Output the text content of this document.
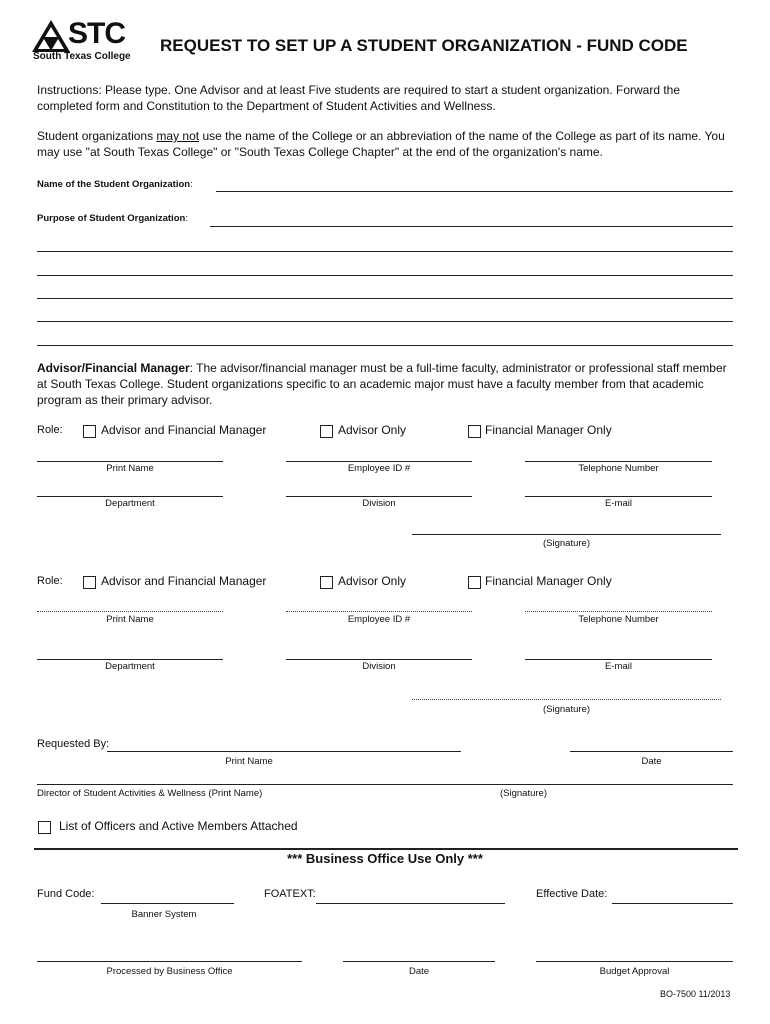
STC
South Texas College
REQUEST TO SET UP A STUDENT ORGANIZATION - FUND CODE
Instructions: Please type. One Advisor and at least Five students are required to start a student organization. Forward the completed form and Constitution to the Department of Student Activities and Wellness.
Student organizations may not use the name of the College or an abbreviation of the name of the College as part of its name. You may use "at South Texas College" or "South Texas College Chapter" at the end of the organization's name.
Name of the Student Organization:
Purpose of Student Organization:
Advisor/Financial Manager: The advisor/financial manager must be a full-time faculty, administrator or professional staff member at South Texas College. Student organizations specific to an academic major must have a faculty member from that academic program as their primary advisor.
Role:	Advisor and Financial Manager	Advisor Only	Financial Manager Only
Print Name	Employee ID #	Telephone Number
Department	Division	E-mail
(Signature)
Role:	Advisor and Financial Manager	Advisor Only	Financial Manager Only
Print Name	Employee ID #	Telephone Number
Department	Division	E-mail
(Signature)
Requested By:
Print Name	Date
Director of Student Activities & Wellness (Print Name)	(Signature)
List of Officers and Active Members Attached
*** Business Office Use Only ***
Fund Code:
Banner System
FOATEXT:	Effective Date:
Processed by Business Office	Date	Budget Approval
BO-7500 11/2013
